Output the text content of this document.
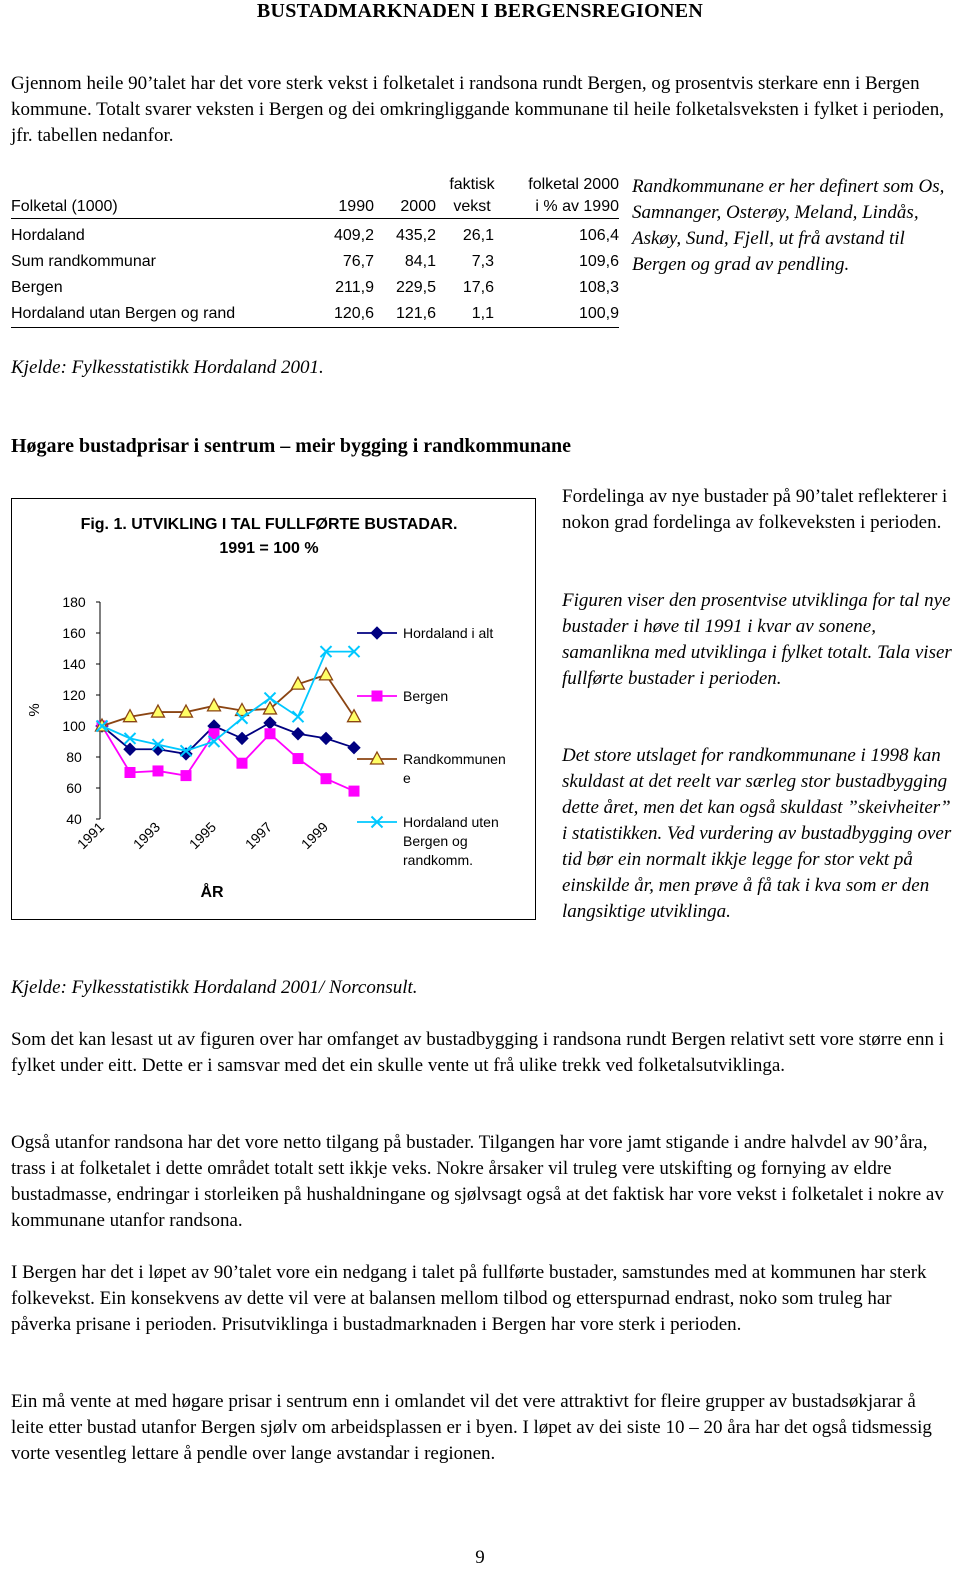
BUSTADMARKNADEN I BERGENSREGIONEN
Gjennom heile 90’talet har det vore sterk vekst i folketalet i randsona rundt Bergen, og prosentvis sterkare enn i Bergen kommune. Totalt svarer veksten i Bergen og dei omkringliggande kommunane til heile folketalsveksten i fylket i perioden, jfr. tabellen nedanfor.
			faktisk	folketal 2000
Folketal (1000)	1990	2000	vekst	i % av 1990
Hordaland	409,2	435,2	26,1	106,4
Sum randkommunar	76,7	84,1	7,3	109,6
Bergen	211,9	229,5	17,6	108,3
Hordaland utan Bergen og rand	120,6	121,6	1,1	100,9
Randkommunane er her definert som Os, Samnanger, Osterøy, Meland, Lindås, Askøy, Sund, Fjell, ut frå avstand til Bergen og grad av pendling.
Kjelde: Fylkesstatistikk Hordaland 2001.
Høgare bustadprisar i sentrum – meir bygging i randkommunane
Fig. 1. UTVIKLING I TAL FULLFØRTE BUSTADAR.
1991 = 100 %
%
ÅR
40
60
80
100
120
140
160
180
1991 1993 1995 1997 1999
Hordaland i alt
Bergen
Randkommunen e
Hordaland uten Bergen og randkomm.
Fordelinga av nye bustader på 90’talet reflekterer i nokon grad fordelinga av folkeveksten i perioden.
Figuren viser den prosentvise utviklinga for tal nye bustader i høve til 1991 i kvar av sonene, samanlikna med utviklinga i fylket totalt. Tala viser fullførte bustader i perioden.
Det store utslaget for randkommunane i 1998 kan skuldast at det reelt var særleg stor bustadbygging dette året, men det kan også skuldast ”skeivheiter” i statistikken. Ved vurdering av bustadbygging over tid bør ein normalt ikkje legge for stor vekt på einskilde år, men prøve å få tak i kva som er den langsiktige utviklinga.
Kjelde: Fylkesstatistikk Hordaland 2001/ Norconsult.
Som det kan lesast ut av figuren over har omfanget av bustadbygging i randsona rundt Bergen relativt sett vore større enn i fylket under eitt. Dette er i samsvar med det ein skulle vente ut frå ulike trekk ved folketalsutviklinga.
Også utanfor randsona har det vore netto tilgang på bustader. Tilgangen har vore jamt stigande i andre halvdel av 90’åra, trass i at folketalet i dette området totalt sett ikkje veks. Nokre årsaker vil truleg vere utskifting og fornying av eldre bustadmasse, endringar i storleiken på hushaldningane og sjølvsagt også at det faktisk har vore vekst i folketalet i nokre av kommunane utanfor randsona.
I Bergen har det i løpet av 90’talet vore ein nedgang i talet på fullførte bustader, samstundes med at kommunen har sterk folkevekst. Ein konsekvens av dette vil vere at balansen mellom tilbod og etterspurnad endrast, noko som truleg har påverka prisane i perioden. Prisutviklinga i bustadmarknaden i Bergen har vore sterk i perioden.
Ein må vente at med høgare prisar i sentrum enn i omlandet vil det vere attraktivt for fleire grupper av bustadsøkjarar å leite etter bustad utanfor Bergen sjølv om arbeidsplassen er i byen. I løpet av dei siste 10 – 20 åra har det også tidsmessig vorte vesentleg lettare å pendle over lange avstandar i regionen.
9
